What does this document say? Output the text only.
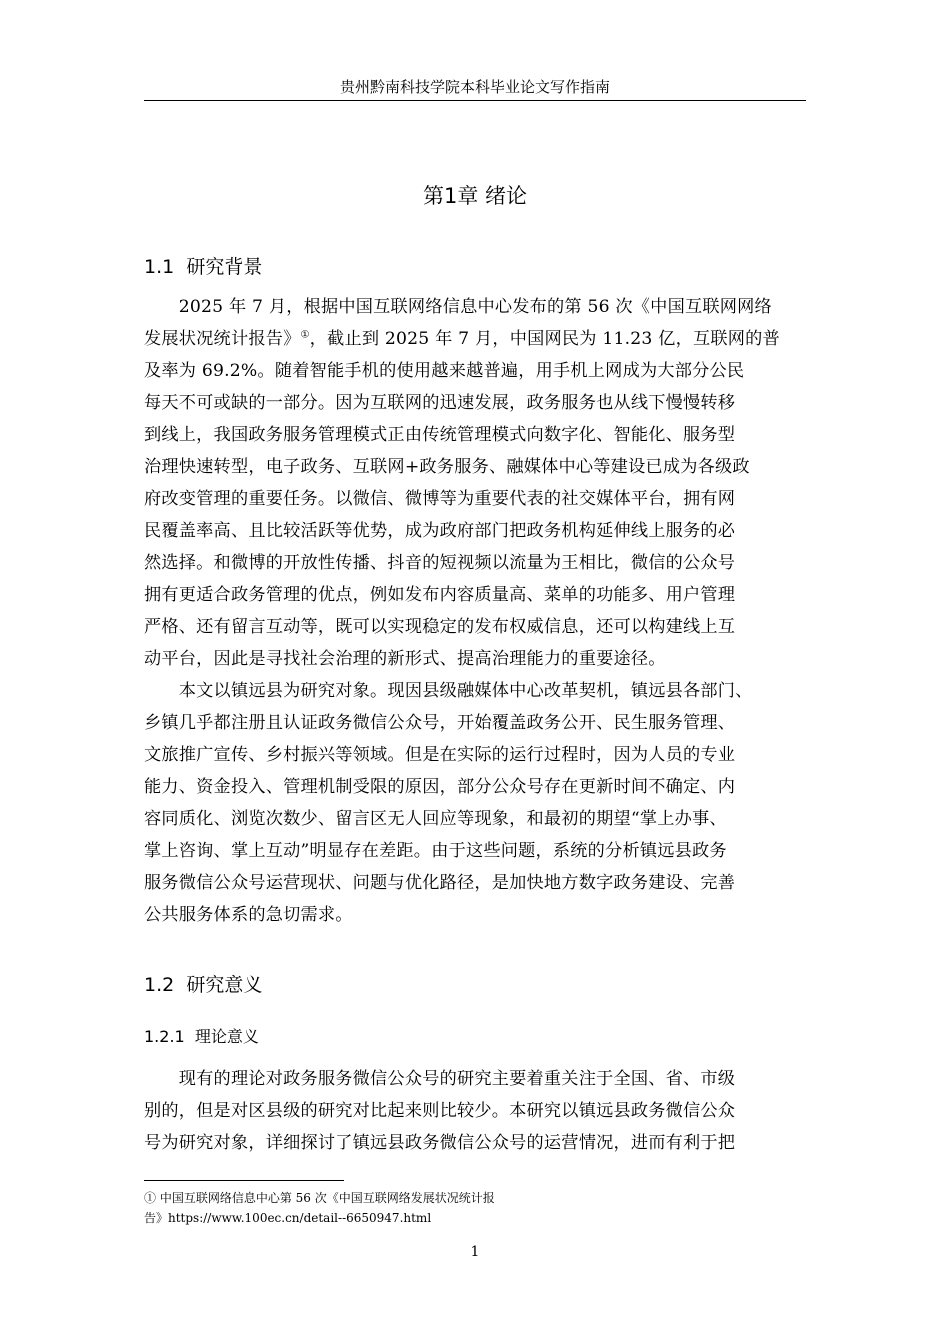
贵州黔南科技学院本科毕业论文写作指南
第1章 绪论
1.1 研究背景
　　2025 年 7 月，根据中国互联网络信息中心发布的第 56 次《中国互联网网络
发展状况统计报告》①，截止到 2025 年 7 月，中国网民为 11.23 亿，互联网的普
及率为 69.2%。随着智能手机的使用越来越普遍，用手机上网成为大部分公民
每天不可或缺的一部分。因为互联网的迅速发展，政务服务也从线下慢慢转移
到线上，我国政务服务管理模式正由传统管理模式向数字化、智能化、服务型
治理快速转型，电子政务、互联网+政务服务、融媒体中心等建设已成为各级政
府改变管理的重要任务。以微信、微博等为重要代表的社交媒体平台，拥有网
民覆盖率高、且比较活跃等优势，成为政府部门把政务机构延伸线上服务的必
然选择。和微博的开放性传播、抖音的短视频以流量为王相比，微信的公众号
拥有更适合政务管理的优点，例如发布内容质量高、菜单的功能多、用户管理
严格、还有留言互动等，既可以实现稳定的发布权威信息，还可以构建线上互
动平台，因此是寻找社会治理的新形式、提高治理能力的重要途径。
　　本文以镇远县为研究对象。现因县级融媒体中心改革契机，镇远县各部门、
乡镇几乎都注册且认证政务微信公众号，开始覆盖政务公开、民生服务管理、
文旅推广宣传、乡村振兴等领域。但是在实际的运行过程时，因为人员的专业
能力、资金投入、管理机制受限的原因，部分公众号存在更新时间不确定、内
容同质化、浏览次数少、留言区无人回应等现象，和最初的期望“掌上办事、
掌上咨询、掌上互动”明显存在差距。由于这些问题，系统的分析镇远县政务
服务微信公众号运营现状、问题与优化路径，是加快地方数字政务建设、完善
公共服务体系的急切需求。
1.2 研究意义
1.2.1 理论意义
　　现有的理论对政务服务微信公众号的研究主要着重关注于全国、省、市级
别的，但是对区县级的研究对比起来则比较少。本研究以镇远县政务微信公众
号为研究对象，详细探讨了镇远县政务微信公众号的运营情况，进而有利于把
① 中国互联网络信息中心第 56 次《中国互联网络发展状况统计报
告》https://www.100ec.cn/detail--6650947.html
1
